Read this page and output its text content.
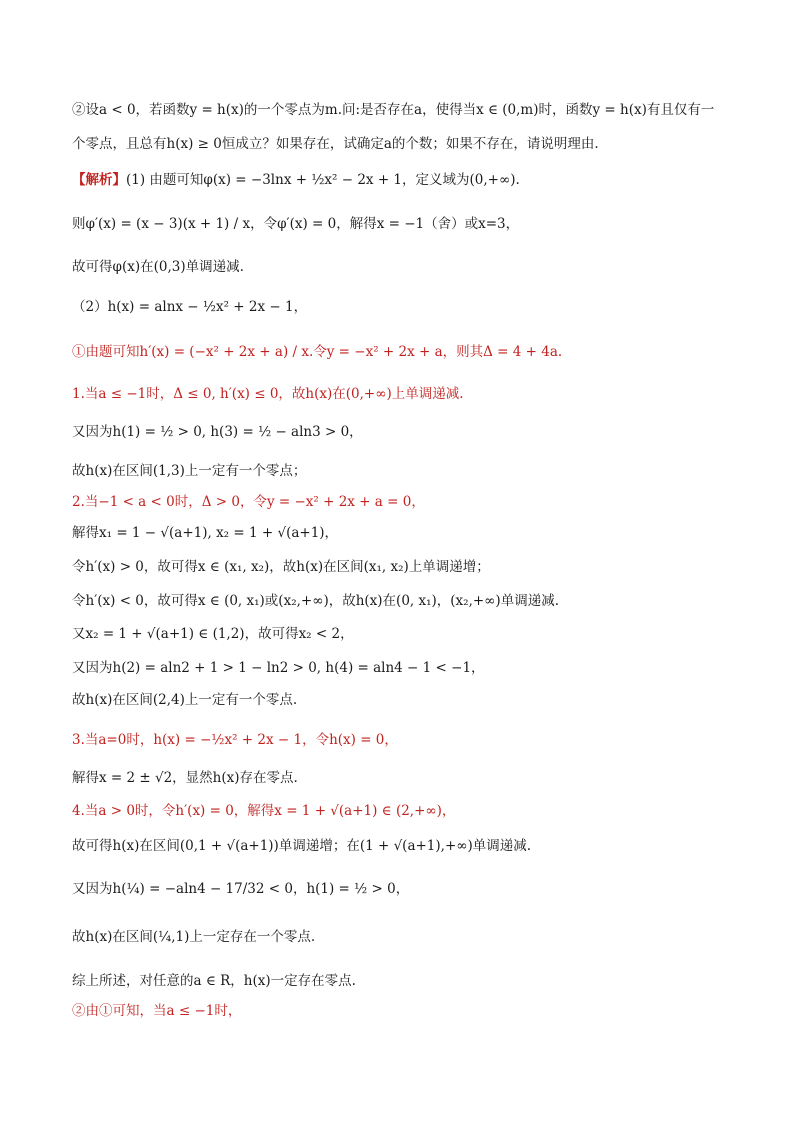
②设a < 0，若函数y = h(x)的一个零点为m.问:是否存在a，使得当x ∈ (0,m)时，函数y = h(x)有且仅有一
个零点，且总有h(x) ≥ 0恒成立？如果存在，试确定a的个数；如果不存在，请说明理由.
【解析】(1) 由题可知φ(x) = −3lnx + ½x² − 2x + 1，定义域为(0,+∞).
则φ′(x) = (x − 3)(x + 1) / x，令φ′(x) = 0，解得x = −1（舍）或x=3，
故可得φ(x)在(0,3)单调递减.
（2）h(x) = alnx − ½x² + 2x − 1，
①由题可知h′(x) = (−x² + 2x + a) / x.令y = −x² + 2x + a，则其Δ = 4 + 4a.
1.当a ≤ −1时，Δ ≤ 0, h′(x) ≤ 0，故h(x)在(0,+∞)上单调递减.
又因为h(1) = ½ > 0, h(3) = ½ − aln3 > 0，
故h(x)在区间(1,3)上一定有一个零点；
2.当−1 < a < 0时，Δ > 0，令y = −x² + 2x + a = 0，
解得x₁ = 1 − √(a+1), x₂ = 1 + √(a+1)，
令h′(x) > 0，故可得x ∈ (x₁, x₂)，故h(x)在区间(x₁, x₂)上单调递增；
令h′(x) < 0，故可得x ∈ (0, x₁)或(x₂,+∞)，故h(x)在(0, x₁)，(x₂,+∞)单调递减.
又x₂ = 1 + √(a+1) ∈ (1,2)，故可得x₂ < 2，
又因为h(2) = aln2 + 1 > 1 − ln2 > 0, h(4) = aln4 − 1 < −1，
故h(x)在区间(2,4)上一定有一个零点.
3.当a=0时，h(x) = −½x² + 2x − 1，令h(x) = 0，
解得x = 2 ± √2，显然h(x)存在零点.
4.当a > 0时，令h′(x) = 0，解得x = 1 + √(a+1) ∈ (2,+∞)，
故可得h(x)在区间(0,1 + √(a+1))单调递增；在(1 + √(a+1),+∞)单调递减.
又因为h(¼) = −aln4 − 17/32 < 0，h(1) = ½ > 0，
故h(x)在区间(¼,1)上一定存在一个零点.
综上所述，对任意的a ∈ R，h(x)一定存在零点.
②由①可知，当a ≤ −1时，
